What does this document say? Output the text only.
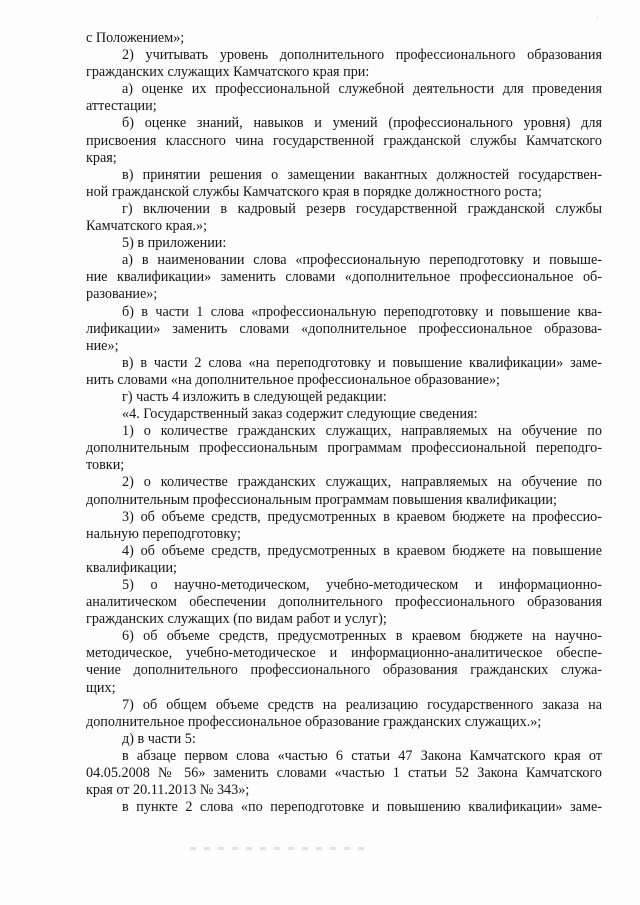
·
с Положением»;
2) учитывать уровень дополнительного профессионального образования
гражданских служащих Камчатского края при:
а) оценке их профессиональной служебной деятельности для проведения
аттестации;
б) оценке знаний, навыков и умений (профессионального уровня) для
присвоения классного чина государственной гражданской службы Камчатского
края;
в) принятии решения о замещении вакантных должностей государствен-
ной гражданской службы Камчатского края в порядке должностного роста;
г) включении в кадровый резерв государственной гражданской службы
Камчатского края.»;
5) в приложении:
а) в наименовании слова «профессиональную переподготовку и повыше-
ние квалификации» заменить словами «дополнительное профессиональное об-
разование»;
б) в части 1 слова «профессиональную переподготовку и повышение ква-
лификации» заменить словами «дополнительное профессиональное образова-
ние»;
в) в части 2 слова «на переподготовку и повышение квалификации» заме-
нить словами «на дополнительное профессиональное образование»;
г) часть 4 изложить в следующей редакции:
«4. Государственный заказ содержит следующие сведения:
1) о количестве гражданских служащих, направляемых на обучение по
дополнительным профессиональным программам профессиональной переподго-
товки;
2) о количестве гражданских служащих, направляемых на обучение по
дополнительным профессиональным программам повышения квалификации;
3) об объеме средств, предусмотренных в краевом бюджете на профессио-
нальную переподготовку;
4) об объеме средств, предусмотренных в краевом бюджете на повышение
квалификации;
5) о научно-методическом, учебно-методическом и информационно-
аналитическом обеспечении дополнительного профессионального образования
гражданских служащих (по видам работ и услуг);
6) об объеме средств, предусмотренных в краевом бюджете на научно-
методическое, учебно-методическое и информационно-аналитическое обеспе-
чение дополнительного профессионального образования гражданских служа-
щих;
7) об общем объеме средств на реализацию государственного заказа на
дополнительное профессиональное образование гражданских служащих.»;
д) в части 5:
в абзаце первом слова «частью 6 статьи 47 Закона Камчатского края от
04.05.2008 № 56» заменить словами «частью 1 статьи 52 Закона Камчатского
края от 20.11.2013 № 343»;
в пункте 2 слова «по переподготовке и повышению квалификации» заме-
